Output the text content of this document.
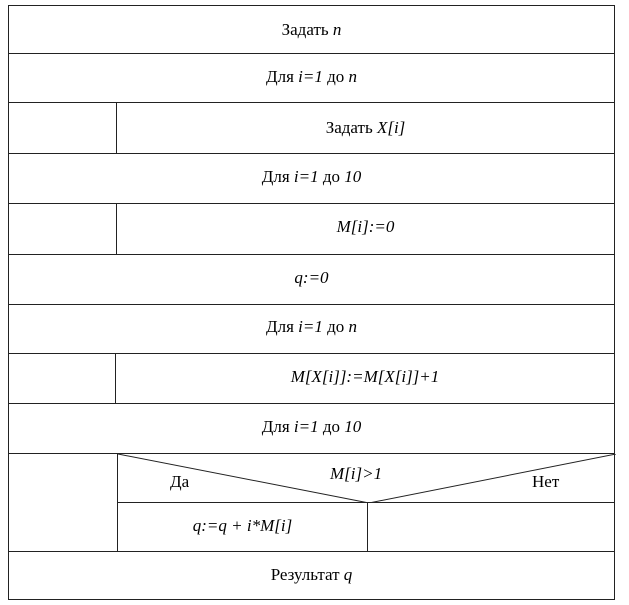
Задать n
Для i=1 до n
Задать X[i]
Для i=1 до 10
M[i]:=0
q:=0
Для i=1 до n
M[X[i]]:=M[X[i]]+1
Для i=1 до 10
M[i]>1
Да	Нет
q:=q + i*M[i]
Результат q
